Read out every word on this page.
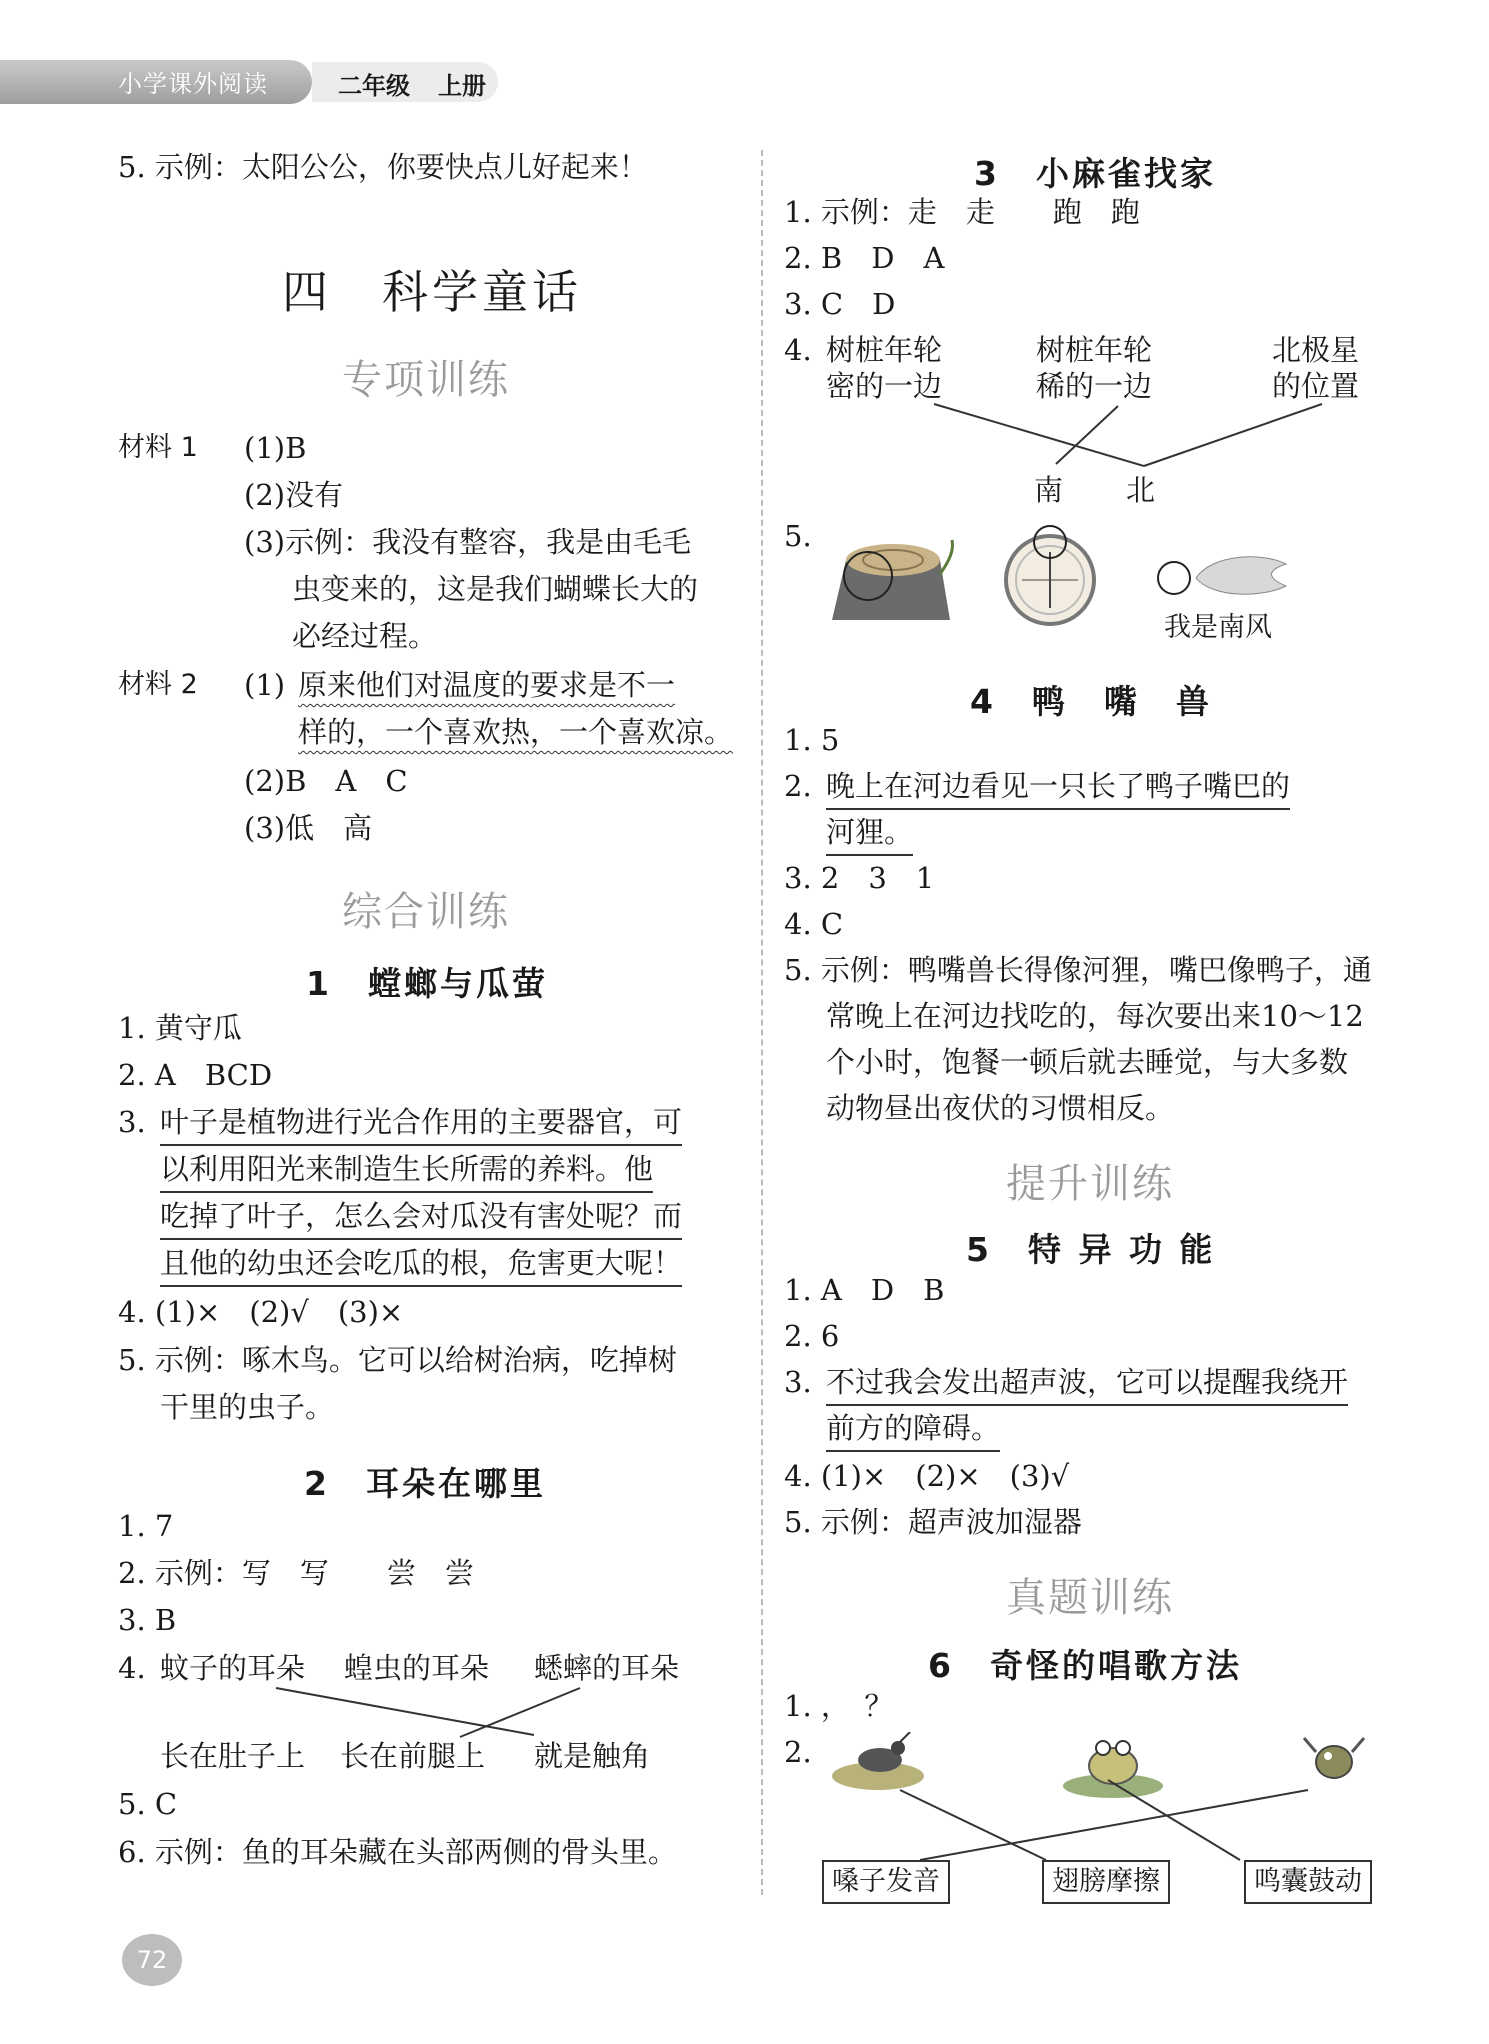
小学课外阅读	二年级 上册
5. 示例：太阳公公，你要快点儿好起来！
四　科学童话
专项训练
材料 1 (1)B
(2)没有
(3)示例：我没有整容，我是由毛毛
虫变来的，这是我们蝴蝶长大的
必经过程。
材料 2 (1) 原来他们对温度的要求是不一
样的，一个喜欢热，一个喜欢凉。
(2)B　A　C
(3)低　高
综合训练
1　螳螂与瓜萤
1. 黄守瓜
2. A　BCD
3. 叶子是植物进行光合作用的主要器官，可
以利用阳光来制造生长所需的养料。他
吃掉了叶子，怎么会对瓜没有害处呢？而
且他的幼虫还会吃瓜的根，危害更大呢！
4. (1)×　(2)√　(3)×
5. 示例：啄木鸟。它可以给树治病，吃掉树
干里的虫子。
2　耳朵在哪里
1. 7
2. 示例：写　写　　尝　尝
3. B
4. 蚊子的耳朵 蝗虫的耳朵 蟋蟀的耳朵
长在肚子上 长在前腿上 就是触角
5. C
6. 示例：鱼的耳朵藏在头部两侧的骨头里。
72
3　小麻雀找家
1. 示例：走　走　　跑　跑
2. B　D　A
3. C　D
4. 树桩年轮
密的一边
树桩年轮
稀的一边
北极星
的位置
南 北
5.
我是南风
4　鸭　嘴　兽
1. 5
2. 晚上在河边看见一只长了鸭子嘴巴的
河狸。
3. 2　3　1
4. C
5. 示例：鸭嘴兽长得像河狸，嘴巴像鸭子，通
常晚上在河边找吃的，每次要出来10～12
个小时，饱餐一顿后就去睡觉，与大多数
动物昼出夜伏的习惯相反。
提升训练
5　特 异 功 能
1. A　D　B
2. 6
3. 不过我会发出超声波，它可以提醒我绕开
前方的障碍。
4. (1)×　(2)×　(3)√
5. 示例：超声波加湿器
真题训练
6　奇怪的唱歌方法
1. ，　？
2.
嗓子发音	翅膀摩擦	鸣囊鼓动
